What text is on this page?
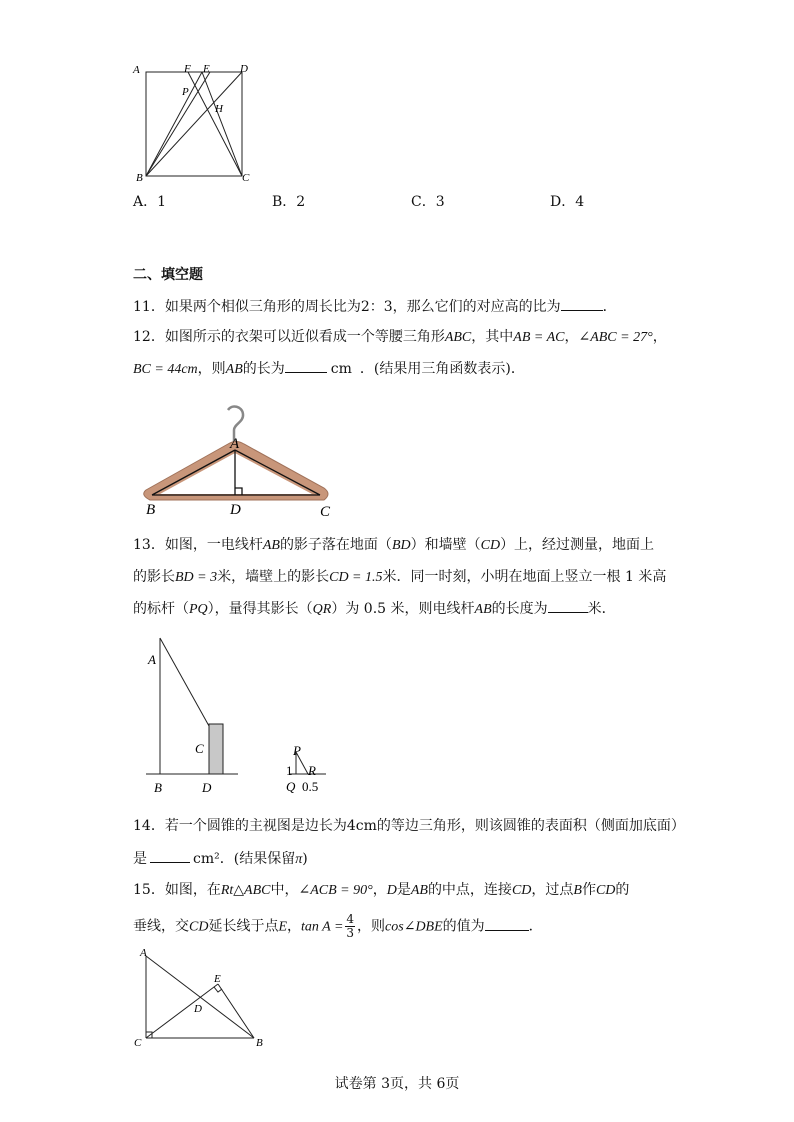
A	F E	D
P
H
B	C
A．1	B．2	C．3	D．4
二、填空题
11．如果两个相似三角形的周长比为2：3，那么它们的对应高的比为	．
12．如图所示的衣架可以近似看成一个等腰三角形ABC，其中AB = AC，∠ABC = 27°，
BC = 44cm，则AB的长为	cm ．(结果用三角函数表示)．
A
B	D	C
13．如图，一电线杆AB的影子落在地面（BD）和墙壁（CD）上，经过测量，地面上
的影长BD = 3米，墙壁上的影长CD = 1.5米．同一时刻，小明在地面上竖立一根 1 米高
的标杆（PQ），量得其影长（QR）为 0.5 米，则电线杆AB的长度为	米．
A
C
B	D
P
R
1
Q 0.5
14．若一个圆锥的主视图是边长为4cm的等边三角形，则该圆锥的表面积（侧面加底面）
是	cm²．(结果保留π)
15．如图，在Rt△ABC中，∠ACB = 90°，D是AB的中点，连接CD，过点B作CD的
垂线，交CD延长线于点E，$\tan A = \frac{4}{3}$ ，则cos∠DBE的值为	．
A
E
D
C	B
试卷第 3页，共 6页
